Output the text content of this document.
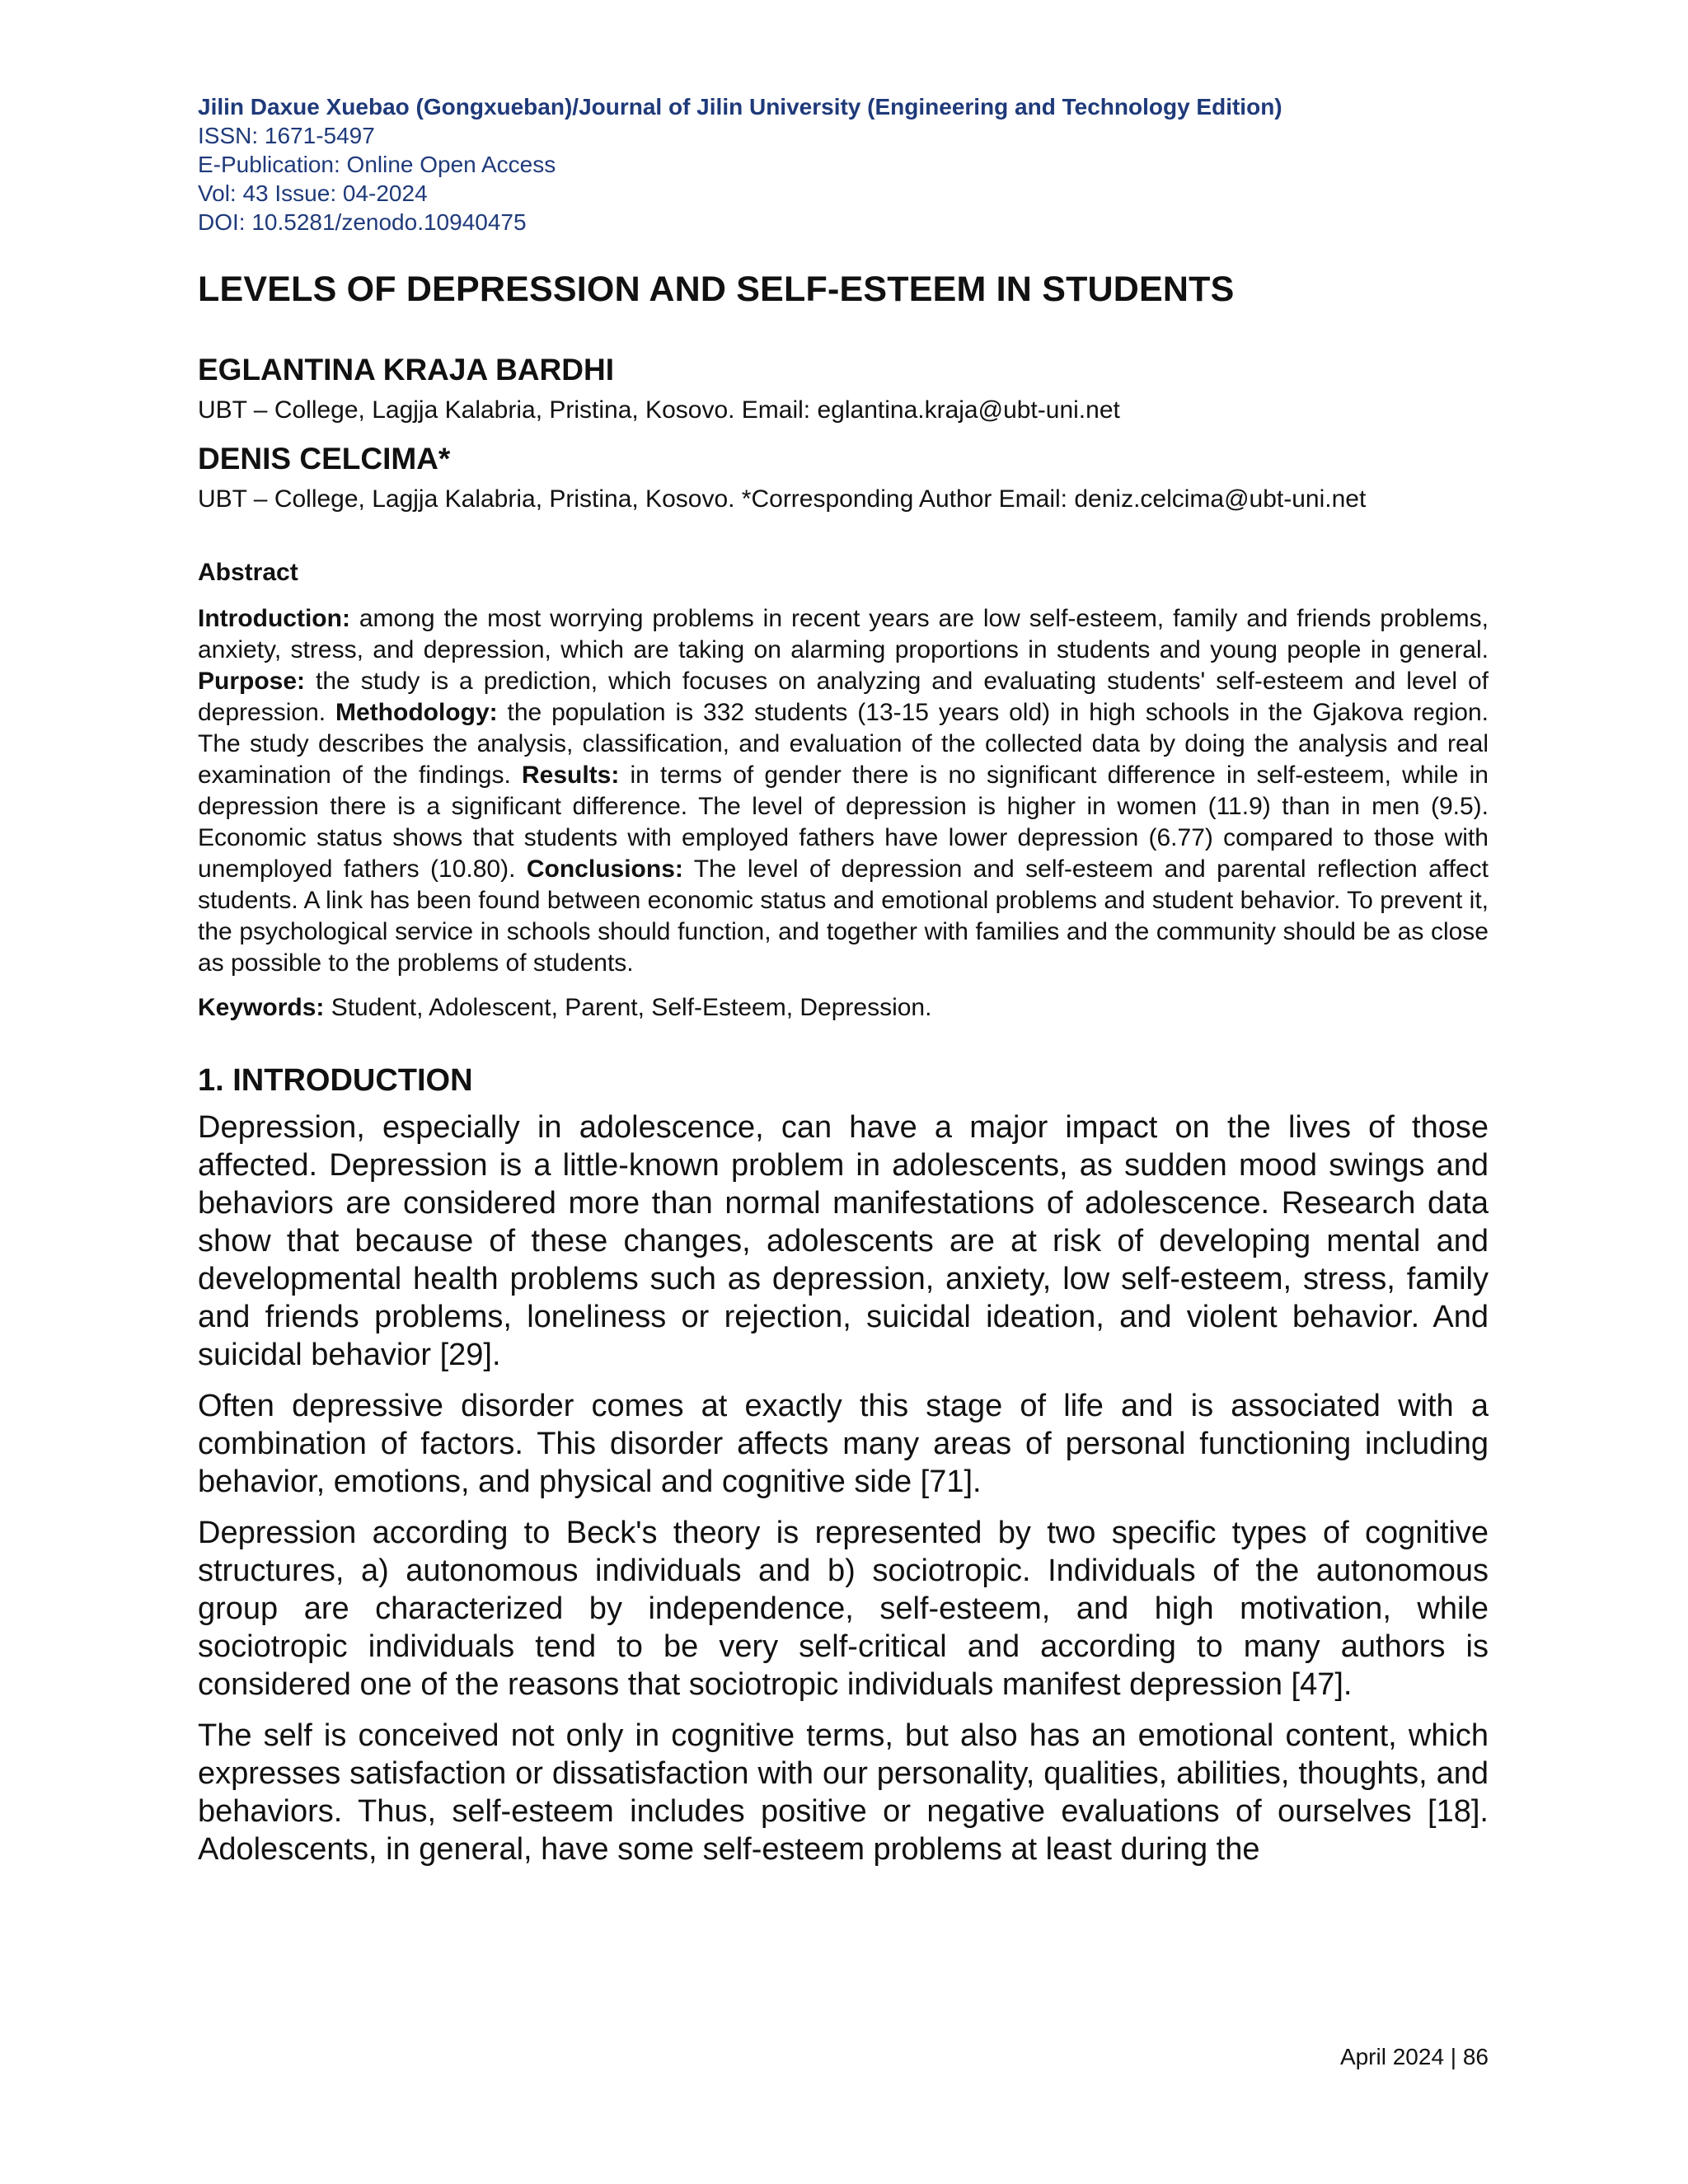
Jilin Daxue Xuebao (Gongxueban)/Journal of Jilin University (Engineering and Technology Edition)
ISSN: 1671-5497
E-Publication: Online Open Access
Vol: 43 Issue: 04-2024
DOI: 10.5281/zenodo.10940475
LEVELS OF DEPRESSION AND SELF-ESTEEM IN STUDENTS
EGLANTINA KRAJA BARDHI
UBT – College, Lagjja Kalabria, Pristina, Kosovo. Email: eglantina.kraja@ubt-uni.net
DENIS CELCIMA*
UBT – College, Lagjja Kalabria, Pristina, Kosovo. *Corresponding Author Email: deniz.celcima@ubt-uni.net
Abstract
Introduction: among the most worrying problems in recent years are low self-esteem, family and friends problems, anxiety, stress, and depression, which are taking on alarming proportions in students and young people in general. Purpose: the study is a prediction, which focuses on analyzing and evaluating students' self-esteem and level of depression. Methodology: the population is 332 students (13-15 years old) in high schools in the Gjakova region. The study describes the analysis, classification, and evaluation of the collected data by doing the analysis and real examination of the findings. Results: in terms of gender there is no significant difference in self-esteem, while in depression there is a significant difference. The level of depression is higher in women (11.9) than in men (9.5). Economic status shows that students with employed fathers have lower depression (6.77) compared to those with unemployed fathers (10.80). Conclusions: The level of depression and self-esteem and parental reflection affect students. A link has been found between economic status and emotional problems and student behavior. To prevent it, the psychological service in schools should function, and together with families and the community should be as close as possible to the problems of students.
Keywords: Student, Adolescent, Parent, Self-Esteem, Depression.
1. INTRODUCTION
Depression, especially in adolescence, can have a major impact on the lives of those affected. Depression is a little-known problem in adolescents, as sudden mood swings and behaviors are considered more than normal manifestations of adolescence. Research data show that because of these changes, adolescents are at risk of developing mental and developmental health problems such as depression, anxiety, low self-esteem, stress, family and friends problems, loneliness or rejection, suicidal ideation, and violent behavior. And suicidal behavior [29].
Often depressive disorder comes at exactly this stage of life and is associated with a combination of factors. This disorder affects many areas of personal functioning including behavior, emotions, and physical and cognitive side [71].
Depression according to Beck's theory is represented by two specific types of cognitive structures, a) autonomous individuals and b) sociotropic. Individuals of the autonomous group are characterized by independence, self-esteem, and high motivation, while sociotropic individuals tend to be very self-critical and according to many authors is considered one of the reasons that sociotropic individuals manifest depression [47].
The self is conceived not only in cognitive terms, but also has an emotional content, which expresses satisfaction or dissatisfaction with our personality, qualities, abilities, thoughts, and behaviors. Thus, self-esteem includes positive or negative evaluations of ourselves [18]. Adolescents, in general, have some self-esteem problems at least during the
April 2024 | 86
